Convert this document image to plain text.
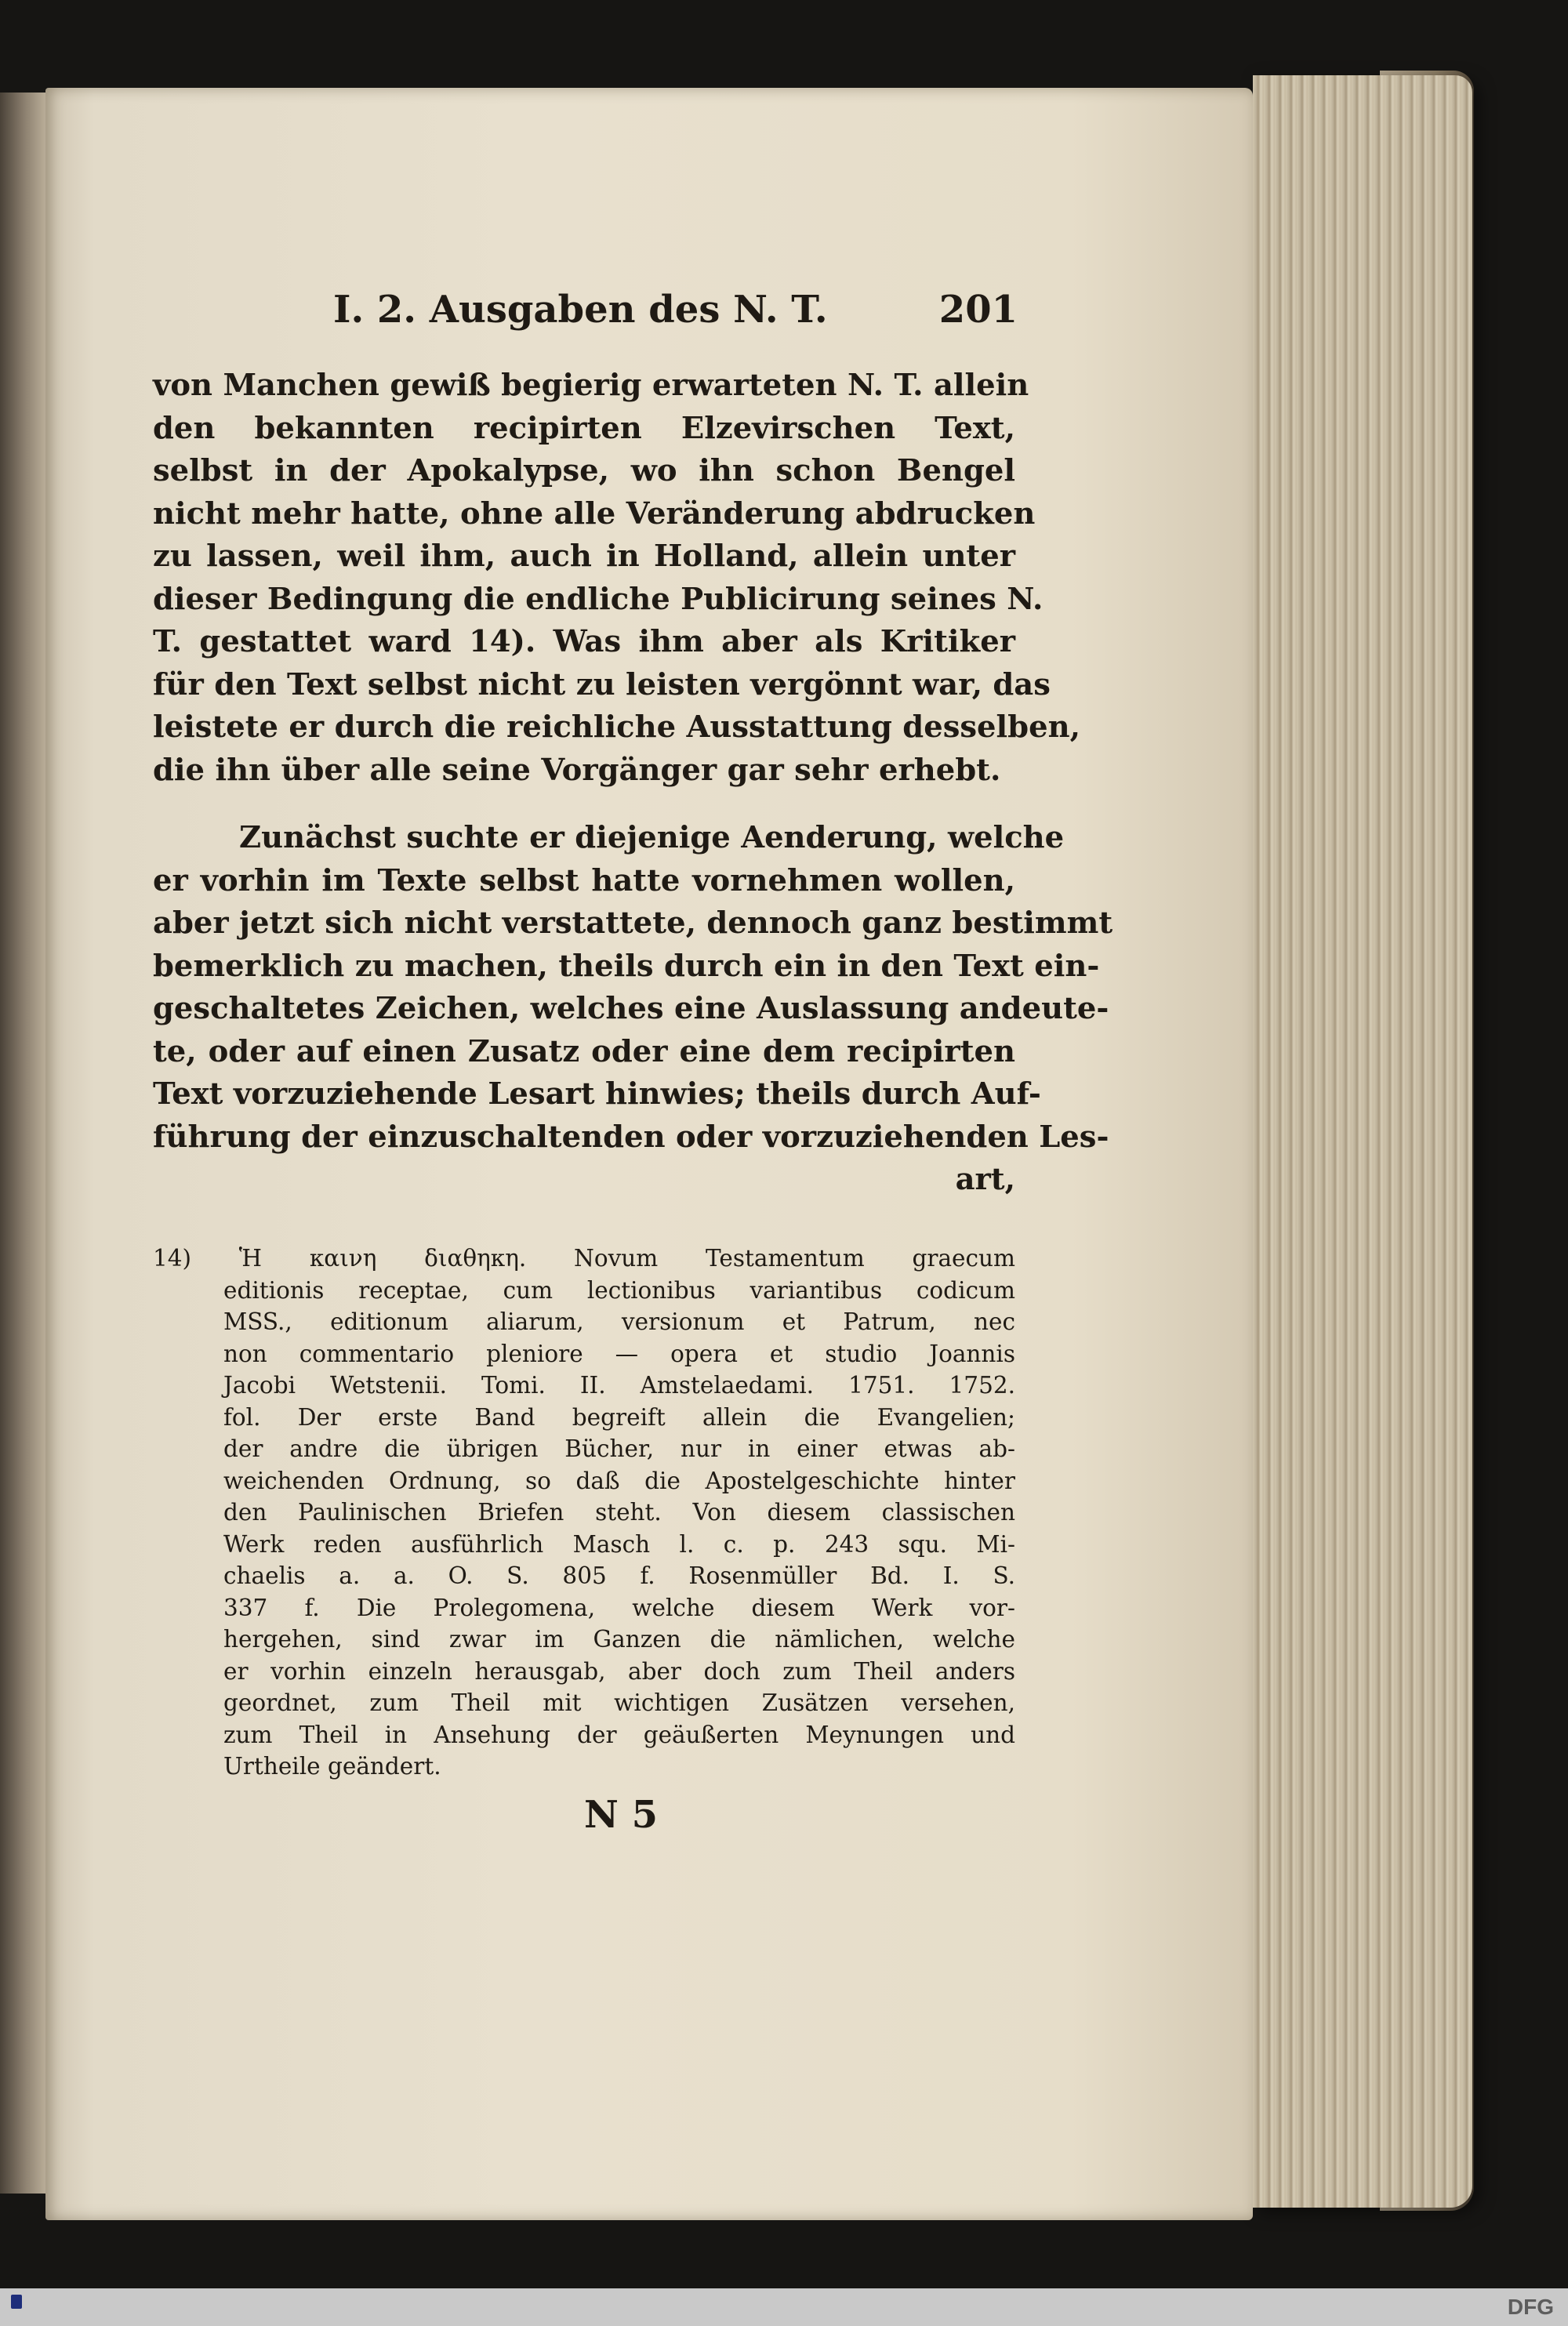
I. 2. Ausgaben des N. T.	201
von Manchen gewiß begierig erwarteten N. T. allein
den bekannten recipirten Elzevirschen Text,
selbst in der Apokalypse, wo ihn schon Bengel
nicht mehr hatte, ohne alle Veränderung abdrucken
zu lassen, weil ihm, auch in Holland, allein unter
dieser Bedingung die endliche Publicirung seines N.
T. gestattet ward 14). Was ihm aber als Kritiker
für den Text selbst nicht zu leisten vergönnt war, das
leistete er durch die reichliche Ausstattung desselben,
die ihn über alle seine Vorgänger gar sehr erhebt.
Zunächst suchte er diejenige Aenderung, welche
er vorhin im Texte selbst hatte vornehmen wollen,
aber jetzt sich nicht verstattete, dennoch ganz bestimmt
bemerklich zu machen, theils durch ein in den Text ein-
geschaltetes Zeichen, welches eine Auslassung andeute-
te, oder auf einen Zusatz oder eine dem recipirten
Text vorzuziehende Lesart hinwies; theils durch Auf-
führung der einzuschaltenden oder vorzuziehenden Les-
art,
14) Ἡ καινη διαθηκη. Novum Testamentum graecum
editionis receptae, cum lectionibus variantibus codicum
MSS., editionum aliarum, versionum et Patrum, nec
non commentario pleniore — opera et studio Joannis
Jacobi Wetstenii. Tomi. II. Amstelaedami. 1751. 1752.
fol. Der erste Band begreift allein die Evangelien;
der andre die übrigen Bücher, nur in einer etwas ab-
weichenden Ordnung, so daß die Apostelgeschichte hinter
den Paulinischen Briefen steht. Von diesem classischen
Werk reden ausführlich Masch l. c. p. 243 squ. Mi-
chaelis a. a. O. S. 805 f. Rosenmüller Bd. I. S.
337 f. Die Prolegomena, welche diesem Werk vor-
hergehen, sind zwar im Ganzen die nämlichen, welche
er vorhin einzeln herausgab, aber doch zum Theil anders
geordnet, zum Theil mit wichtigen Zusätzen versehen,
zum Theil in Ansehung der geäußerten Meynungen und
Urtheile geändert.
N 5
DFG
